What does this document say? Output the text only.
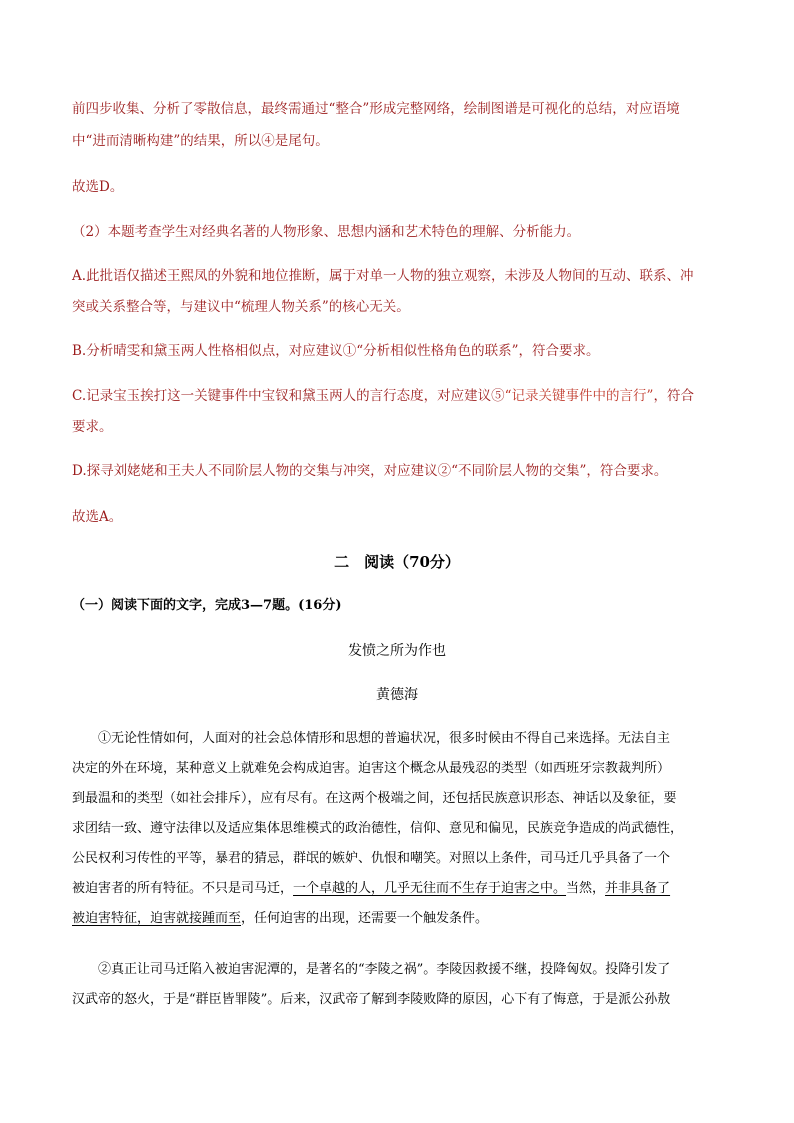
前四步收集、分析了零散信息，最终需通过“整合”形成完整网络，绘制图谱是可视化的总结，对应语境
中“进而清晰构建”的结果，所以④是尾句。
故选D。
（2）本题考查学生对经典名著的人物形象、思想内涵和艺术特色的理解、分析能力。
A.此批语仅描述王熙凤的外貌和地位推断，属于对单一人物的独立观察，未涉及人物间的互动、联系、冲
突或关系整合等，与建议中“梳理人物关系”的核心无关。
B.分析晴雯和黛玉两人性格相似点，对应建议①“分析相似性格角色的联系”，符合要求。
C.记录宝玉挨打这一关键事件中宝钗和黛玉两人的言行态度，对应建议⑤“记录关键事件中的言行”，符合
要求。
D.探寻刘姥姥和王夫人不同阶层人物的交集与冲突，对应建议②“不同阶层人物的交集”，符合要求。
故选A。
二　阅读（70分）
（一）阅读下面的文字，完成3—7题。(16分)
发愤之所为作也
黄德海
①无论性情如何，人面对的社会总体情形和思想的普遍状况，很多时候由不得自己来选择。无法自主
决定的外在环境，某种意义上就难免会构成迫害。迫害这个概念从最残忍的类型（如西班牙宗教裁判所）
到最温和的类型（如社会排斥），应有尽有。在这两个极端之间，还包括民族意识形态、神话以及象征，要
求团结一致、遵守法律以及适应集体思维模式的政治德性，信仰、意见和偏见，民族竞争造成的尚武德性，
公民权利习传性的平等，暴君的猜忌，群氓的嫉妒、仇恨和嘲笑。对照以上条件，司马迁几乎具备了一个
被迫害者的所有特征。不只是司马迁，一个卓越的人，几乎无往而不生存于迫害之中。当然，并非具备了
被迫害特征，迫害就接踵而至，任何迫害的出现，还需要一个触发条件。
②真正让司马迁陷入被迫害泥潭的，是著名的“李陵之祸”。李陵因救援不继，投降匈奴。投降引发了
汉武帝的怒火，于是“群臣皆罪陵”。后来，汉武帝了解到李陵败降的原因，心下有了悔意，于是派公孙敖
